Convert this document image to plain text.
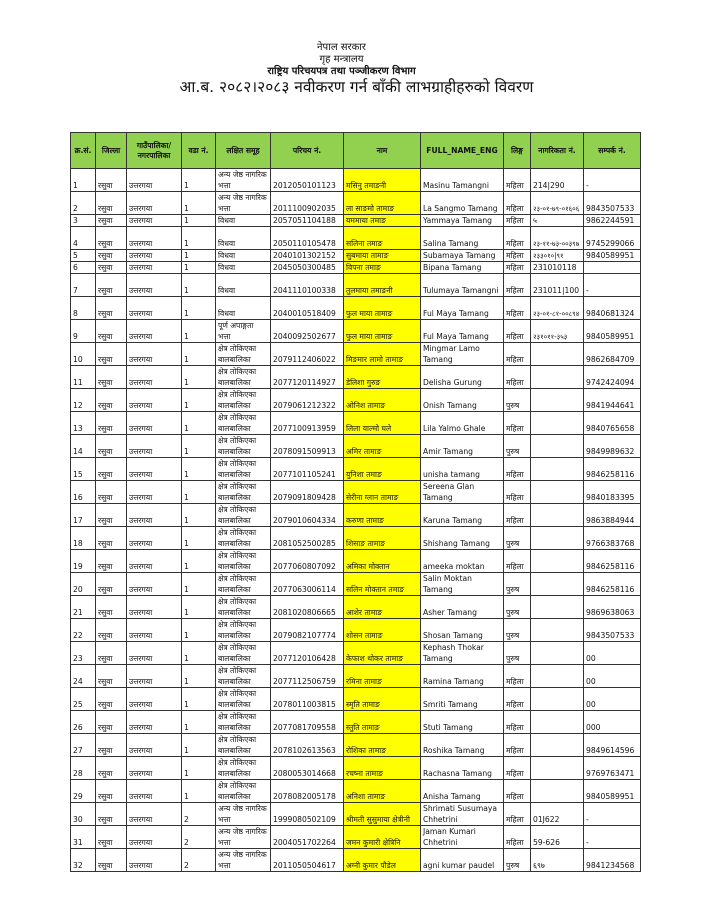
नेपाल सरकार
गृह मन्त्रालय
राष्ट्रिय परिचयपत्र तथा पञ्जीकरण विभाग
आ.ब. २०८२।२०८३ नवीकरण गर्न बाँकी लाभग्राहीहरुको विवरण
क्र.सं.	जिल्ला	गाउँपालिका/ नगरपालिका	वडा नं.	लक्षित समूह	परिचय नं.	नाम	FULL_NAME_ENG	लिङ्ग	नागरिकता नं.	सम्पर्क नं.
1	रसुवा	उत्तरगया	1	अन्य जेष्ठ नागरिक भत्ता	2012050101123	मसिनु तमाङनी	Masinu Tamangni	महिला	214|290	-
2	रसुवा	उत्तरगया	1	अन्य जेष्ठ नागरिक भत्ता	2011100902035	ला साङमो तामाङ	La Sangmo Tamang	महिला	२३-०१-७९-०१६०६	9843507533
3	रसुवा	उत्तरगया	1	विधवा	2057051104188	यममाया तमाङ	Yammaya Tamang	महिला	५	9862244591
4	रसुवा	उत्तरगया	1	विधवा	2050110105478	सलिना तमाङ	Salina Tamang	महिला	२३-११-७३-००३९७	9745299066
5	रसुवा	उत्तरगया	1	विधवा	2040101302152	सुबमाया तामाङ	Subamaya Tamang	महिला	२३३०१०|९१	9840589951
6	रसुवा	उत्तरगया	1	विधवा	2045050300485	विपना तमाङ	Bipana Tamang	महिला	231010118	
7	रसुवा	उत्तरगया	1	विधवा	2041110100338	तुलमाया तमाङनी	Tulumaya Tamangni	महिला	231011|100	-
8	रसुवा	उत्तरगया	1	विधवा	2040010518409	फुल माया तामाङ	Ful Maya Tamang	महिला	२३-०१-८१-००८९४	9840681324
9	रसुवा	उत्तरगया	1	पूर्ण अपाङ्गता भत्ता	2040092502677	फुल माया तामाङ	Ful Maya Tamang	महिला	२३१०११-३५३	9840589951
10	रसुवा	उत्तरगया	1	क्षेत्र तोकिएका बालबालिका	2079112406022	मिङमार लामो तामाङ	Mingmar Lamo Tamang	महिला		9862684709
11	रसुवा	उत्तरगया	1	क्षेत्र तोकिएका बालबालिका	2077120114927	डेलिशा गुरुङ	Delisha Gurung	महिला		9742424094
12	रसुवा	उत्तरगया	1	क्षेत्र तोकिएका बालबालिका	2079061212322	ओनिश तामाङ	Onish Tamang	पुरुष		9841944641
13	रसुवा	उत्तरगया	1	क्षेत्र तोकिएका बालबालिका	2077100913959	लिला याल्मो घले	Lila Yalmo Ghale	महिला		9840765658
14	रसुवा	उत्तरगया	1	क्षेत्र तोकिएका बालबालिका	2078091509913	अमिर तामाङ	Amir Tamang	पुरुष		9849989632
15	रसुवा	उत्तरगया	1	क्षेत्र तोकिएका बालबालिका	2077101105241	युनिशा तमाङ	unisha tamang	महिला		9846258116
16	रसुवा	उत्तरगया	1	क्षेत्र तोकिएका बालबालिका	2079091809428	सेरीना ग्लान तामाङ	Sereena Glan Tamang	महिला		9840183395
17	रसुवा	उत्तरगया	1	क्षेत्र तोकिएका बालबालिका	2079010604334	करुणा तामाङ	Karuna Tamang	महिला		9863884944
18	रसुवा	उत्तरगया	1	क्षेत्र तोकिएका बालबालिका	2081052500285	शिसाङ तामाङ	Shishang Tamang	पुरुष		9766383768
19	रसुवा	उत्तरगया	1	क्षेत्र तोकिएका बालबालिका	2077060807092	अमिका मोक्तान	ameeka moktan	महिला		9846258116
20	रसुवा	उत्तरगया	1	क्षेत्र तोकिएका बालबालिका	2077063006114	सलिन मोक्तान तमाङ	Salin Moktan Tamang	पुरुष		9846258116
21	रसुवा	उत्तरगया	1	क्षेत्र तोकिएका बालबालिका	2081020806665	आशेर तामाङ	Asher Tamang	पुरुष		9869638063
22	रसुवा	उत्तरगया	1	क्षेत्र तोकिएका बालबालिका	2079082107774	शोसन तामाङ	Shosan Tamang	पुरुष		9843507533
23	रसुवा	उत्तरगया	1	क्षेत्र तोकिएका बालबालिका	2077120106428	केफाश थोकर तामाङ	Kephash Thokar Tamang	पुरुष		00
24	रसुवा	उत्तरगया	1	क्षेत्र तोकिएका बालबालिका	2077112506759	रमिना तामाङ	Ramina Tamang	महिला		00
25	रसुवा	उत्तरगया	1	क्षेत्र तोकिएका बालबालिका	2078011003815	स्मृति तामाङ	Smriti Tamang	महिला		00
26	रसुवा	उत्तरगया	1	क्षेत्र तोकिएका बालबालिका	2077081709558	स्तुति तामाङ	Stuti Tamang	महिला		000
27	रसुवा	उत्तरगया	1	क्षेत्र तोकिएका बालबालिका	2078102613563	रोशिका तामाङ	Roshika Tamang	महिला		9849614596
28	रसुवा	उत्तरगया	1	क्षेत्र तोकिएका बालबालिका	2080053014668	रचष्ना तामाङ	Rachasna Tamang	महिला		9769763471
29	रसुवा	उत्तरगया	1	क्षेत्र तोकिएका बालबालिका	2078082005178	अनिशा तामाङ	Anisha Tamang	महिला		9840589951
30	रसुवा	उत्तरगया	2	अन्य जेष्ठ नागरिक भत्ता	1999080502109	श्रीमती सुसुमाया क्षेत्रीनी	Shrimati Susumaya Chhetrini	महिला	01J622	-
31	रसुवा	उत्तरगया	2	अन्य जेष्ठ नागरिक भत्ता	2004051702264	जमन कुमारी क्षेत्रिनि	Jaman Kumari Chhetrini	महिला	59-626	-
32	रसुवा	उत्तरगया	2	अन्य जेष्ठ नागरिक भत्ता	2011050504617	अग्नी कुमार पौडेल	agni kumar paudel	पुरुष	६९७	9841234568
